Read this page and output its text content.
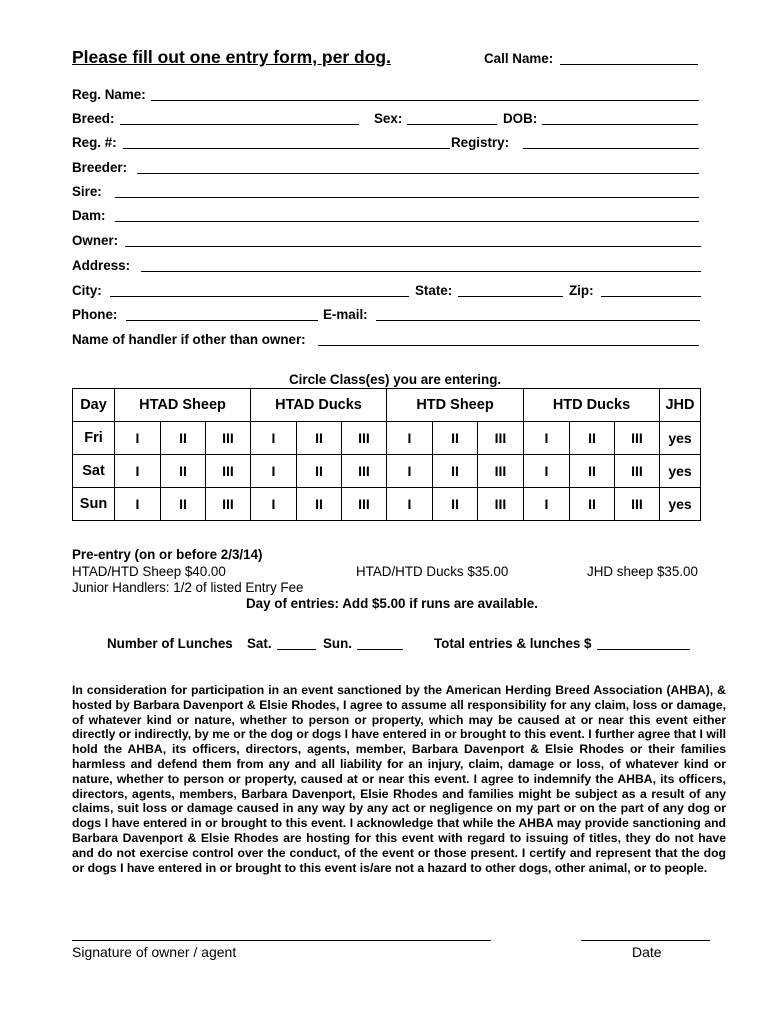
Please fill out one entry form, per dog.	Call Name:
Reg. Name:
Breed:	Sex:	DOB:
Reg. #:	Registry:
Breeder:
Sire:
Dam:
Owner:
Address:
City:	State:	Zip:
Phone:	E-mail:
Name of handler if other than owner:
Circle Class(es) you are entering.
Day	HTAD Sheep			HTAD Ducks			HTD Sheep			HTD Ducks			JHD
Fri	I	II	III	I	II	III	I	II	III	I	II	III	yes
Sat	I	II	III	I	II	III	I	II	III	I	II	III	yes
Sun	I	II	III	I	II	III	I	II	III	I	II	III	yes
Pre-entry (on or before 2/3/14)
HTAD/HTD Sheep $40.00	HTAD/HTD Ducks $35.00	JHD sheep $35.00
Junior Handlers: 1/2 of listed Entry Fee
Day of entries: Add $5.00 if runs are available.
Number of Lunches Sat.	Sun.	Total entries & lunches $
In consideration for participation in an event sanctioned by the American Herding Breed Association (AHBA), & hosted by Barbara Davenport & Elsie Rhodes, I agree to assume all responsibility for any claim, loss or damage, of whatever kind or nature, whether to person or property, which may be caused at or near this event either directly or indirectly, by me or the dog or dogs I have entered in or brought to this event. I further agree that I will hold the AHBA, its officers, directors, agents, member, Barbara Davenport & Elsie Rhodes or their families harmless and defend them from any and all liability for an injury, claim, damage or loss, of whatever kind or nature, whether to person or property, caused at or near this event. I agree to indemnify the AHBA, its officers, directors, agents, members, Barbara Davenport, Elsie Rhodes and families might be subject as a result of any claims, suit loss or damage caused in any way by any act or negligence on my part or on the part of any dog or dogs I have entered in or brought to this event. I acknowledge that while the AHBA may provide sanctioning and Barbara Davenport & Elsie Rhodes are hosting for this event with regard to issuing of titles, they do not have and do not exercise control over the conduct, of the event or those present. I certify and represent that the dog or dogs I have entered in or brought to this event is/are not a hazard to other dogs, other animal, or to people.
Signature of owner / agent	Date
